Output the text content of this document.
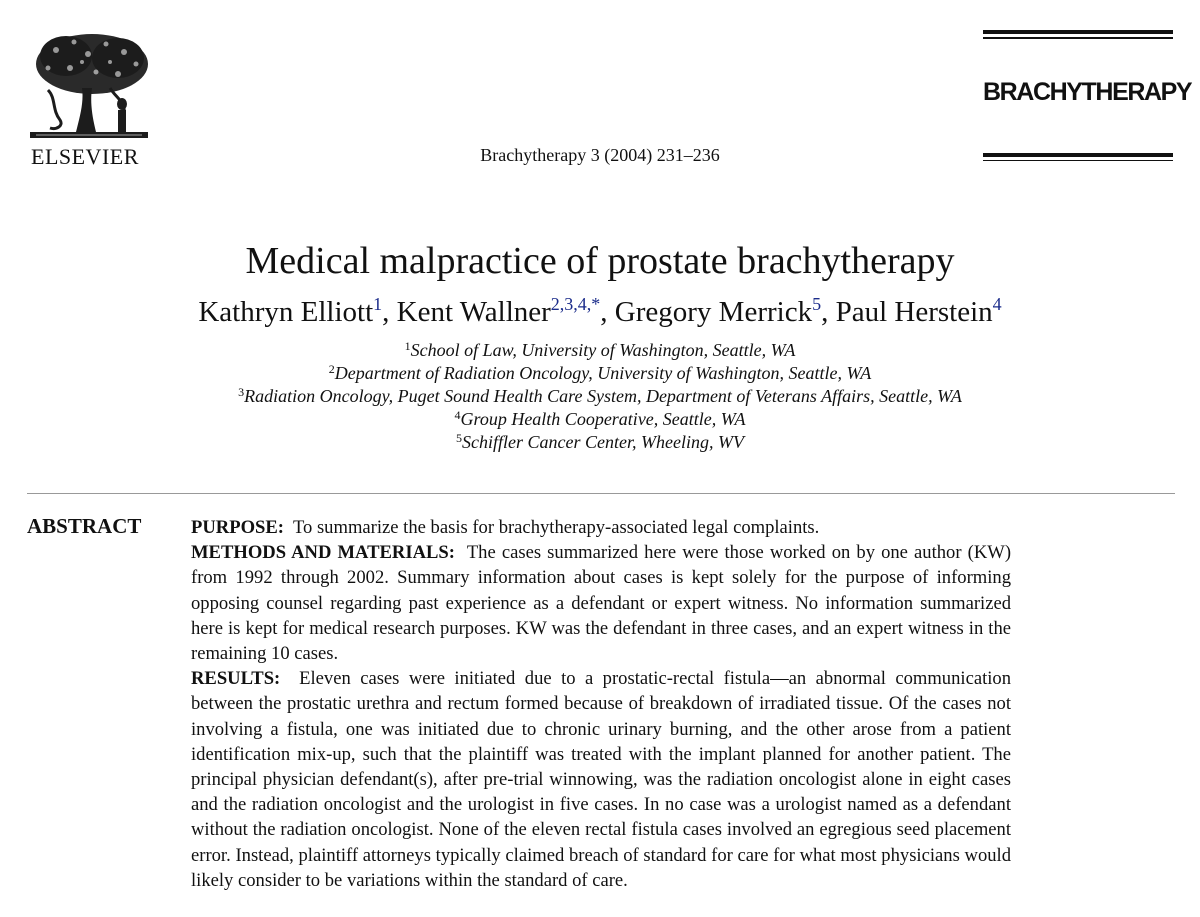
ELSEVIER	Brachytherapy 3 (2004) 231–236
BRACHYTHERAPY
Medical malpractice of prostate brachytherapy
Kathryn Elliott$^1$, Kent Wallner$^{2,3,4,*}$, Gregory Merrick$^5$, Paul Herstein$^4$
$^1$School of Law, University of Washington, Seattle, WA
$^2$Department of Radiation Oncology, University of Washington, Seattle, WA
$^3$Radiation Oncology, Puget Sound Health Care System, Department of Veterans Affairs, Seattle, WA
$^4$Group Health Cooperative, Seattle, WA
$^5$Schiffler Cancer Center, Wheeling, WV
ABSTRACT	PURPOSE: To summarize the basis for brachytherapy-associated legal complaints.

METHODS AND MATERIALS: The cases summarized here were those worked on by one author (KW) from 1992 through 2002. Summary information about cases is kept solely for the purpose of informing opposing counsel regarding past experience as a defendant or expert witness. No information summarized here is kept for medical research purposes. KW was the defendant in three cases, and an expert witness in the remaining 10 cases.

RESULTS: Eleven cases were initiated due to a prostatic-rectal fistula—an abnormal communication between the prostatic urethra and rectum formed because of breakdown of irradiated tissue. Of the cases not involving a fistula, one was initiated due to chronic urinary burning, and the other arose from a patient identification mix-up, such that the plaintiff was treated with the implant planned for another patient. The principal physician defendant(s), after pre-trial winnowing, was the radiation oncologist alone in eight cases and the radiation oncologist and the urologist in five cases. In no case was a urologist named as a defendant without the radiation oncologist. None of the eleven rectal fistula cases involved an egregious seed placement error. Instead, plaintiff attorneys typically claimed breach of standard for care for what most physicians would likely consider to be variations within the standard of care.
